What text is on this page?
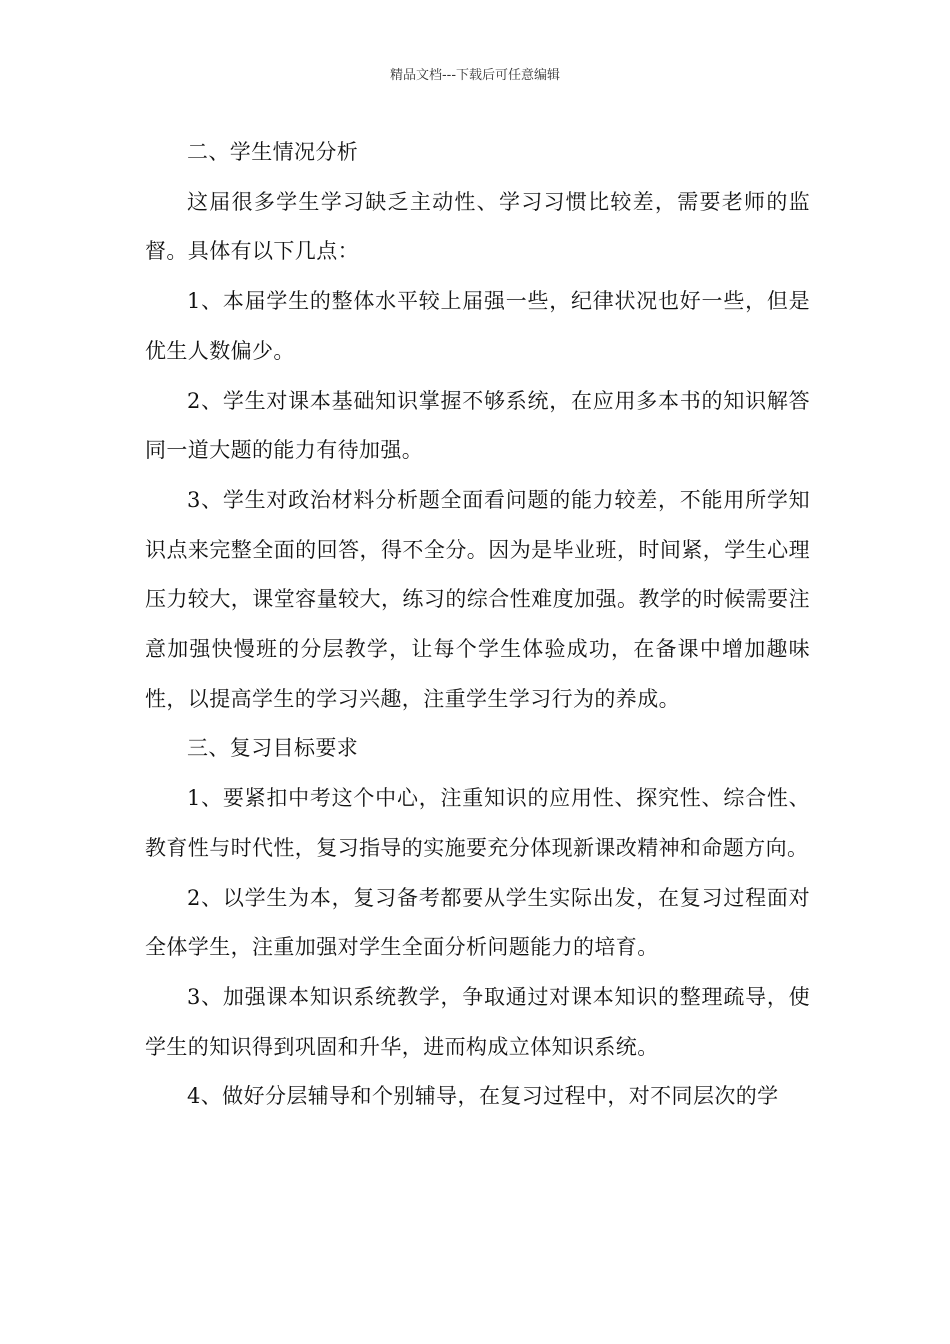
精品文档---下载后可任意编辑

二、学生情况分析

这届很多学生学习缺乏主动性、学习习惯比较差，需要老师的监督。具体有以下几点：

1、本届学生的整体水平较上届强一些，纪律状况也好一些，但是优生人数偏少。

2、学生对课本基础知识掌握不够系统，在应用多本书的知识解答同一道大题的能力有待加强。

3、学生对政治材料分析题全面看问题的能力较差，不能用所学知识点来完整全面的回答，得不全分。因为是毕业班，时间紧，学生心理压力较大，课堂容量较大，练习的综合性难度加强。教学的时候需要注意加强快慢班的分层教学，让每个学生体验成功，在备课中增加趣味性，以提高学生的学习兴趣，注重学生学习行为的养成。

三、复习目标要求

1、要紧扣中考这个中心，注重知识的应用性、探究性、综合性、教育性与时代性，复习指导的实施要充分体现新课改精神和命题方向。

2、以学生为本，复习备考都要从学生实际出发，在复习过程面对全体学生，注重加强对学生全面分析问题能力的培育。

3、加强课本知识系统教学，争取通过对课本知识的整理疏导，使学生的知识得到巩固和升华，进而构成立体知识系统。

4、做好分层辅导和个别辅导，在复习过程中，对不同层次的学
